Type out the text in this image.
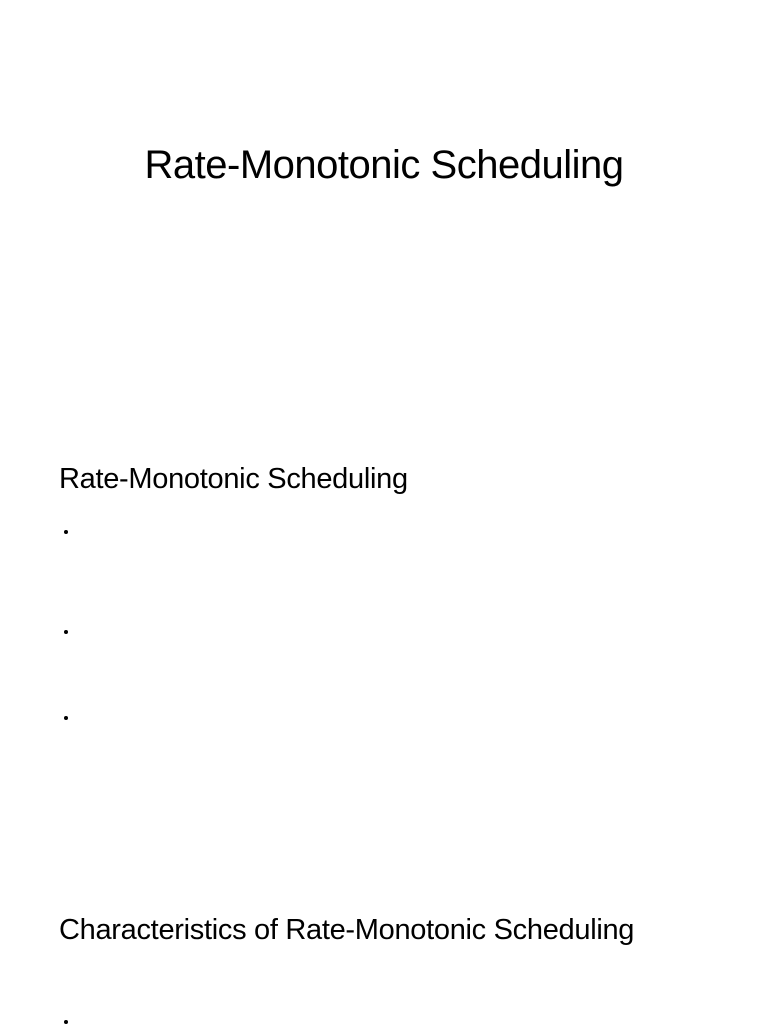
Rate-Monotonic Scheduling
Rate-Monotonic Scheduling
Characteristics of Rate-Monotonic Scheduling
